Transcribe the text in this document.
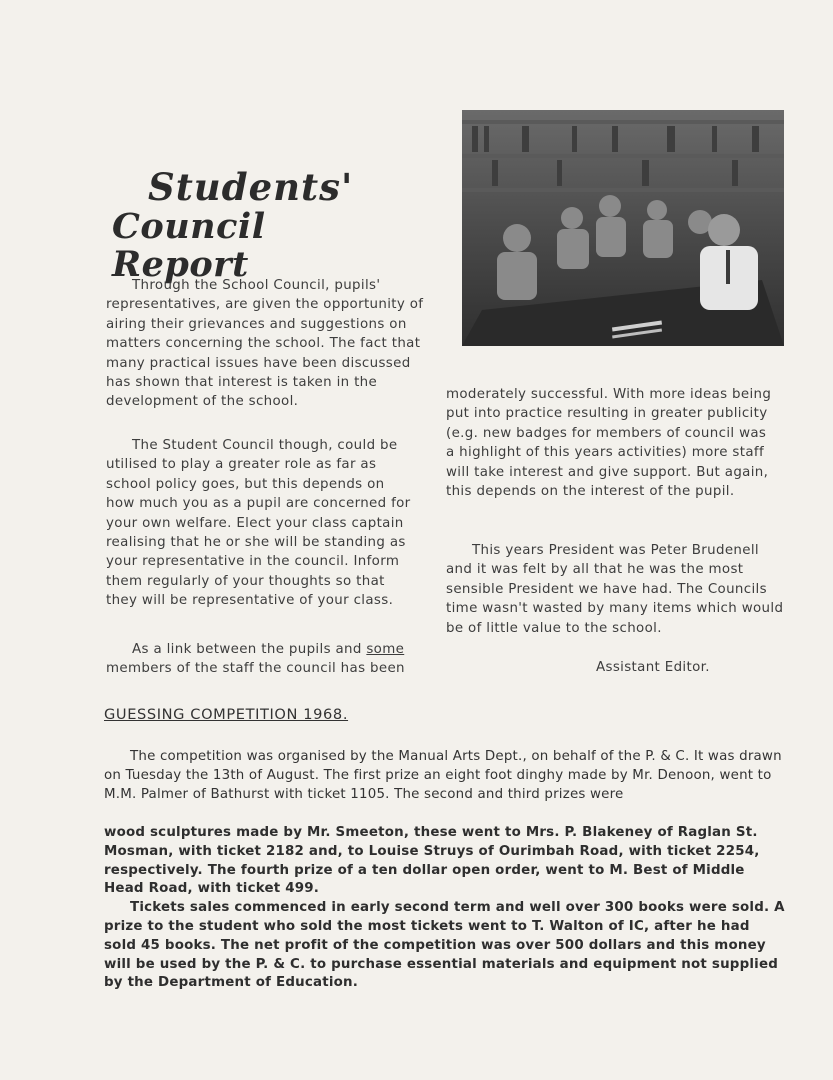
Students'
Council Report

Through the School Council, pupils' representatives, are given the opportunity of airing their grievances and suggestions on matters concerning the school. The fact that many practical issues have been discussed has shown that interest is taken in the development of the school.

The Student Council though, could be utilised to play a greater role as far as school policy goes, but this depends on how much you as a pupil are concerned for your own welfare. Elect your class captain realising that he or she will be standing as your representative in the council. Inform them regularly of your thoughts so that they will be representative of your class.

As a link between the pupils and some members of the staff the council has been

moderately successful. With more ideas being put into practice resulting in greater publicity (e.g. new badges for members of council was a highlight of this years activities) more staff will take interest and give support. But again, this depends on the interest of the pupil.

This years President was Peter Brudenell and it was felt by all that he was the most sensible President we have had. The Councils time wasn't wasted by many items which would be of little value to the school.

Assistant Editor.
GUESSING COMPETITION 1968.

The competition was organised by the Manual Arts Dept., on behalf of the P. & C. It was drawn on Tuesday the 13th of August. The first prize an eight foot dinghy made by Mr. Denoon, went to M.M. Palmer of Bathurst with ticket 1105. The second and third prizes were

wood sculptures made by Mr. Smeeton, these went to Mrs. P. Blakeney of Raglan St. Mosman, with ticket 2182 and, to Louise Struys of Ourimbah Road, with ticket 2254, respectively. The fourth prize of a ten dollar open order, went to M. Best of Middle Head Road, with ticket 499.

Tickets sales commenced in early second term and well over 300 books were sold. A prize to the student who sold the most tickets went to T. Walton of IC, after he had sold 45 books. The net profit of the competition was over 500 dollars and this money will be used by the P. & C. to purchase essential materials and equipment not supplied by the Department of Education.
